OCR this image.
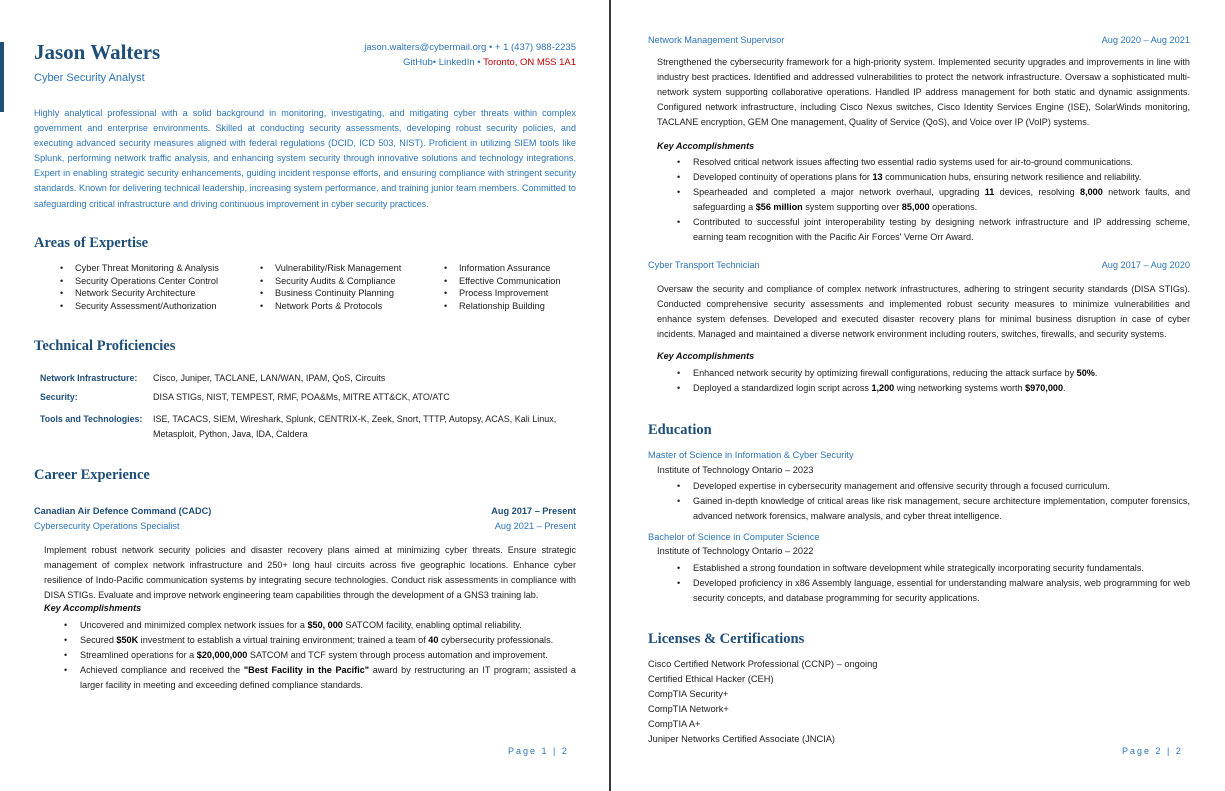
Jason Walters
Cyber Security Analyst
jason.walters@cybermail.org • + 1 (437) 988-2235
GitHub• LinkedIn • Toronto, ON M5S 1A1
Highly analytical professional with a solid background in monitoring, investigating, and mitigating cyber threats within complex government and enterprise environments. Skilled at conducting security assessments, developing robust security policies, and executing advanced security measures aligned with federal regulations (DCID, ICD 503, NIST). Proficient in utilizing SIEM tools like Splunk, performing network traffic analysis, and enhancing system security through innovative solutions and technology integrations. Expert in enabling strategic security enhancements, guiding incident response efforts, and ensuring compliance with stringent security standards. Known for delivering technical leadership, increasing system performance, and training junior team members. Committed to safeguarding critical infrastructure and driving continuous improvement in cyber security practices.
Areas of Expertise
• Cyber Threat Monitoring & Analysis
• Security Operations Center Control
• Network Security Architecture
• Security Assessment/Authorization
• Vulnerability/Risk Management
• Security Audits & Compliance
• Business Continuity Planning
• Network Ports & Protocols
• Information Assurance
• Effective Communication
• Process Improvement
• Relationship Building
Technical Proficiencies
Network Infrastructure: Cisco, Juniper, TACLANE, LAN/WAN, IPAM, QoS, Circuits
Security:	DISA STIGs, NIST, TEMPEST, RMF, POA&Ms, MITRE ATT&CK, ATO/ATC
Tools and Technologies: ISE, TACACS, SIEM, Wireshark, Splunk, CENTRIX-K, Zeek, Snort, TTTP, Autopsy, ACAS, Kali Linux, Metasploit, Python, Java, IDA, Caldera
Career Experience
Canadian Air Defence Command (CADC)	Aug 2017 – Present
Cybersecurity Operations Specialist	Aug 2021 – Present
Implement robust network security policies and disaster recovery plans aimed at minimizing cyber threats. Ensure strategic management of complex network infrastructure and 250+ long haul circuits across five geographic locations. Enhance cyber resilience of Indo-Pacific communication systems by integrating secure technologies. Conduct risk assessments in compliance with DISA STIGs. Evaluate and improve network engineering team capabilities through the development of a GNS3 training lab.
Key Accomplishments
• Uncovered and minimized complex network issues for a $50, 000 SATCOM facility, enabling optimal reliability.
• Secured $50K investment to establish a virtual training environment; trained a team of 40 cybersecurity professionals.
• Streamlined operations for a $20,000,000 SATCOM and TCF system through process automation and improvement.
• Achieved compliance and received the "Best Facility in the Pacific" award by restructuring an IT program; assisted a larger facility in meeting and exceeding defined compliance standards.
Page 1 | 2
Network Management Supervisor	Aug 2020 – Aug 2021
Strengthened the cybersecurity framework for a high-priority system. Implemented security upgrades and improvements in line with industry best practices. Identified and addressed vulnerabilities to protect the network infrastructure. Oversaw a sophisticated multi-network system supporting collaborative operations. Handled IP address management for both static and dynamic assignments. Configured network infrastructure, including Cisco Nexus switches, Cisco Identity Services Engine (ISE), SolarWinds monitoring, TACLANE encryption, GEM One management, Quality of Service (QoS), and Voice over IP (VoIP) systems.
Key Accomplishments
• Resolved critical network issues affecting two essential radio systems used for air-to-ground communications.
• Developed continuity of operations plans for 13 communication hubs, ensuring network resilience and reliability.
• Spearheaded and completed a major network overhaul, upgrading 11 devices, resolving 8,000 network faults, and safeguarding a $56 million system supporting over 85,000 operations.
• Contributed to successful joint interoperability testing by designing network infrastructure and IP addressing scheme, earning team recognition with the Pacific Air Forces' Verne Orr Award.
Cyber Transport Technician	Aug 2017 – Aug 2020
Oversaw the security and compliance of complex network infrastructures, adhering to stringent security standards (DISA STIGs). Conducted comprehensive security assessments and implemented robust security measures to minimize vulnerabilities and enhance system defenses. Developed and executed disaster recovery plans for minimal business disruption in case of cyber incidents. Managed and maintained a diverse network environment including routers, switches, firewalls, and security systems.
Key Accomplishments
• Enhanced network security by optimizing firewall configurations, reducing the attack surface by 50%.
• Deployed a standardized login script across 1,200 wing networking systems worth $970,000.
Education
Master of Science in Information & Cyber Security
Institute of Technology Ontario – 2023
• Developed expertise in cybersecurity management and offensive security through a focused curriculum.
• Gained in-depth knowledge of critical areas like risk management, secure architecture implementation, computer forensics, advanced network forensics, malware analysis, and cyber threat intelligence.
Bachelor of Science in Computer Science
Institute of Technology Ontario – 2022
• Established a strong foundation in software development while strategically incorporating security fundamentals.
• Developed proficiency in x86 Assembly language, essential for understanding malware analysis, web programming for web security concepts, and database programming for security applications.
Licenses & Certifications
Cisco Certified Network Professional (CCNP) – ongoing
Certified Ethical Hacker (CEH)
CompTIA Security+
CompTIA Network+
CompTIA A+
Juniper Networks Certified Associate (JNCIA)
Page 2 | 2
